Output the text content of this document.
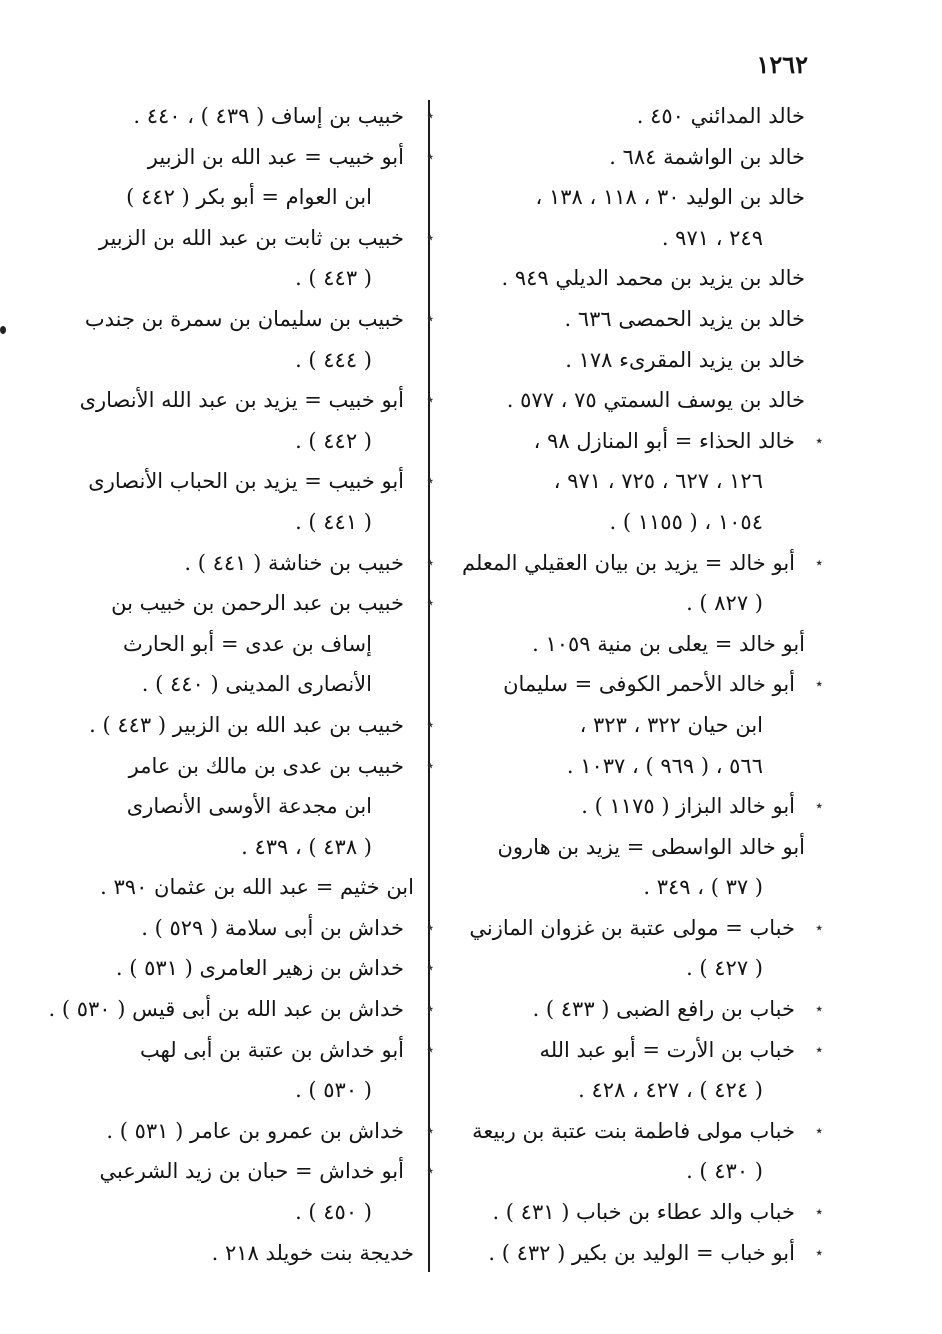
١٢٦٢
خالد المدائني ٤٥٠ .
خالد بن الواشمة ٦٨٤ .
خالد بن الوليد ٣٠ ، ١١٨ ، ١٣٨ ،
٢٤٩ ، ٩٧١ .
خالد بن يزيد بن محمد الديلي ٩٤٩ .
خالد بن يزيد الحمصى ٦٣٦ .
خالد بن يزيد المقرىء ١٧٨ .
خالد بن يوسف السمتي ٧٥ ، ٥٧٧ .
٭
خالد الحذاء = أبو المنازل ٩٨ ،
١٢٦ ، ٦٢٧ ، ٧٢٥ ، ٩٧١ ،
١٠٥٤ ، ( ١١٥٥ ) .
٭
أبو خالد = يزيد بن بيان العقيلي المعلم
( ٨٢٧ ) .
أبو خالد = يعلى بن منية ١٠٥٩ .
٭
أبو خالد الأحمر الكوفى = سليمان
ابن حيان ٣٢٢ ، ٣٢٣ ،
٥٦٦ ، ( ٩٦٩ ) ، ١٠٣٧ .
٭
أبو خالد البزاز ( ١١٧٥ ) .
أبو خالد الواسطى = يزيد بن هارون
( ٣٧ ) ، ٣٤٩ .
٭
خباب = مولى عتبة بن غزوان المازني
( ٤٢٧ ) .
٭
خباب بن رافع الضبى ( ٤٣٣ ) .
٭
خباب بن الأرت = أبو عبد الله
( ٤٢٤ ) ، ٤٢٧ ، ٤٢٨ .
٭
خباب مولى فاطمة بنت عتبة بن ربيعة
( ٤٣٠ ) .
٭
خباب والد عطاء بن خباب ( ٤٣١ ) .
٭
أبو خباب = الوليد بن بكير ( ٤٣٢ ) .
٭
خبيب بن إساف ( ٤٣٩ ) ، ٤٤٠ .
٭
أبو خبيب = عبد الله بن الزبير
ابن العوام = أبو بكر ( ٤٤٢ )
٭
خبيب بن ثابت بن عبد الله بن الزبير
( ٤٤٣ ) .
٭
خبيب بن سليمان بن سمرة بن جندب
( ٤٤٤ ) .
٭
أبو خبيب = يزيد بن عبد الله الأنصارى
( ٤٤٢ ) .
٭
أبو خبيب = يزيد بن الحباب الأنصارى
( ٤٤١ ) .
٭
خبيب بن خناشة ( ٤٤١ ) .
٭
خبيب بن عبد الرحمن بن خبيب بن
إساف بن عدى = أبو الحارث
الأنصارى المدينى ( ٤٤٠ ) .
٭
خبيب بن عبد الله بن الزبير ( ٤٤٣ ) .
٭
خبيب بن عدى بن مالك بن عامر
ابن مجدعة الأوسى الأنصارى
( ٤٣٨ ) ، ٤٣٩ .
ابن خثيم = عبد الله بن عثمان ٣٩٠ .
٭
خداش بن أبى سلامة ( ٥٢٩ ) .
٭
خداش بن زهير العامرى ( ٥٣١ ) .
٭
خداش بن عبد الله بن أبى قيس ( ٥٣٠ ) .
٭
أبو خداش بن عتبة بن أبى لهب
( ٥٣٠ ) .
٭
خداش بن عمرو بن عامر ( ٥٣١ ) .
٭
أبو خداش = حبان بن زيد الشرعبي
( ٤٥٠ ) .
خديجة بنت خويلد ٢١٨ .
